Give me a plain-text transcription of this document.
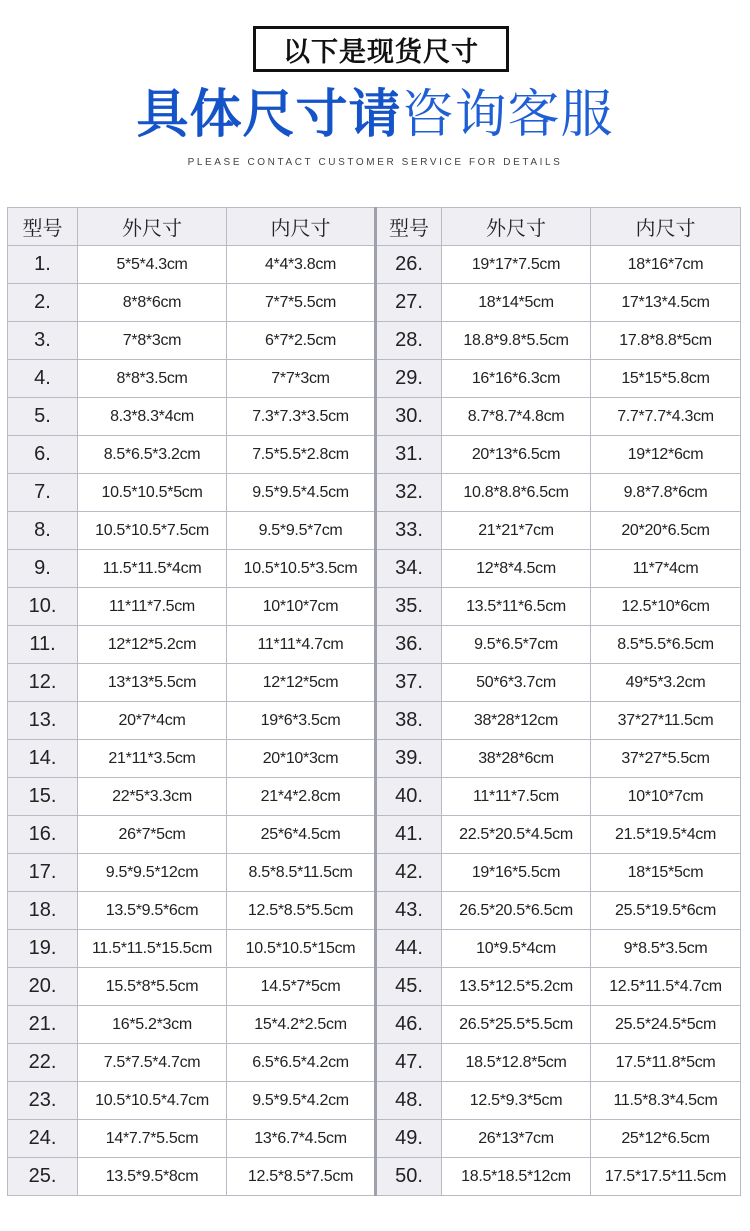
以下是现货尺寸
具体尺寸请咨询客服
PLEASE CONTACT CUSTOMER SERVICE FOR DETAILS
型号	外尺寸	内尺寸	型号	外尺寸	内尺寸
1.	5*5*4.3cm	4*4*3.8cm	26.	19*17*7.5cm	18*16*7cm
2.	8*8*6cm	7*7*5.5cm	27.	18*14*5cm	17*13*4.5cm
3.	7*8*3cm	6*7*2.5cm	28.	18.8*9.8*5.5cm	17.8*8.8*5cm
4.	8*8*3.5cm	7*7*3cm	29.	16*16*6.3cm	15*15*5.8cm
5.	8.3*8.3*4cm	7.3*7.3*3.5cm	30.	8.7*8.7*4.8cm	7.7*7.7*4.3cm
6.	8.5*6.5*3.2cm	7.5*5.5*2.8cm	31.	20*13*6.5cm	19*12*6cm
7.	10.5*10.5*5cm	9.5*9.5*4.5cm	32.	10.8*8.8*6.5cm	9.8*7.8*6cm
8.	10.5*10.5*7.5cm	9.5*9.5*7cm	33.	21*21*7cm	20*20*6.5cm
9.	11.5*11.5*4cm	10.5*10.5*3.5cm	34.	12*8*4.5cm	11*7*4cm
10.	11*11*7.5cm	10*10*7cm	35.	13.5*11*6.5cm	12.5*10*6cm
11.	12*12*5.2cm	11*11*4.7cm	36.	9.5*6.5*7cm	8.5*5.5*6.5cm
12.	13*13*5.5cm	12*12*5cm	37.	50*6*3.7cm	49*5*3.2cm
13.	20*7*4cm	19*6*3.5cm	38.	38*28*12cm	37*27*11.5cm
14.	21*11*3.5cm	20*10*3cm	39.	38*28*6cm	37*27*5.5cm
15.	22*5*3.3cm	21*4*2.8cm	40.	11*11*7.5cm	10*10*7cm
16.	26*7*5cm	25*6*4.5cm	41.	22.5*20.5*4.5cm	21.5*19.5*4cm
17.	9.5*9.5*12cm	8.5*8.5*11.5cm	42.	19*16*5.5cm	18*15*5cm
18.	13.5*9.5*6cm	12.5*8.5*5.5cm	43.	26.5*20.5*6.5cm	25.5*19.5*6cm
19.	11.5*11.5*15.5cm	10.5*10.5*15cm	44.	10*9.5*4cm	9*8.5*3.5cm
20.	15.5*8*5.5cm	14.5*7*5cm	45.	13.5*12.5*5.2cm	12.5*11.5*4.7cm
21.	16*5.2*3cm	15*4.2*2.5cm	46.	26.5*25.5*5.5cm	25.5*24.5*5cm
22.	7.5*7.5*4.7cm	6.5*6.5*4.2cm	47.	18.5*12.8*5cm	17.5*11.8*5cm
23.	10.5*10.5*4.7cm	9.5*9.5*4.2cm	48.	12.5*9.3*5cm	11.5*8.3*4.5cm
24.	14*7.7*5.5cm	13*6.7*4.5cm	49.	26*13*7cm	25*12*6.5cm
25.	13.5*9.5*8cm	12.5*8.5*7.5cm	50.	18.5*18.5*12cm	17.5*17.5*11.5cm
